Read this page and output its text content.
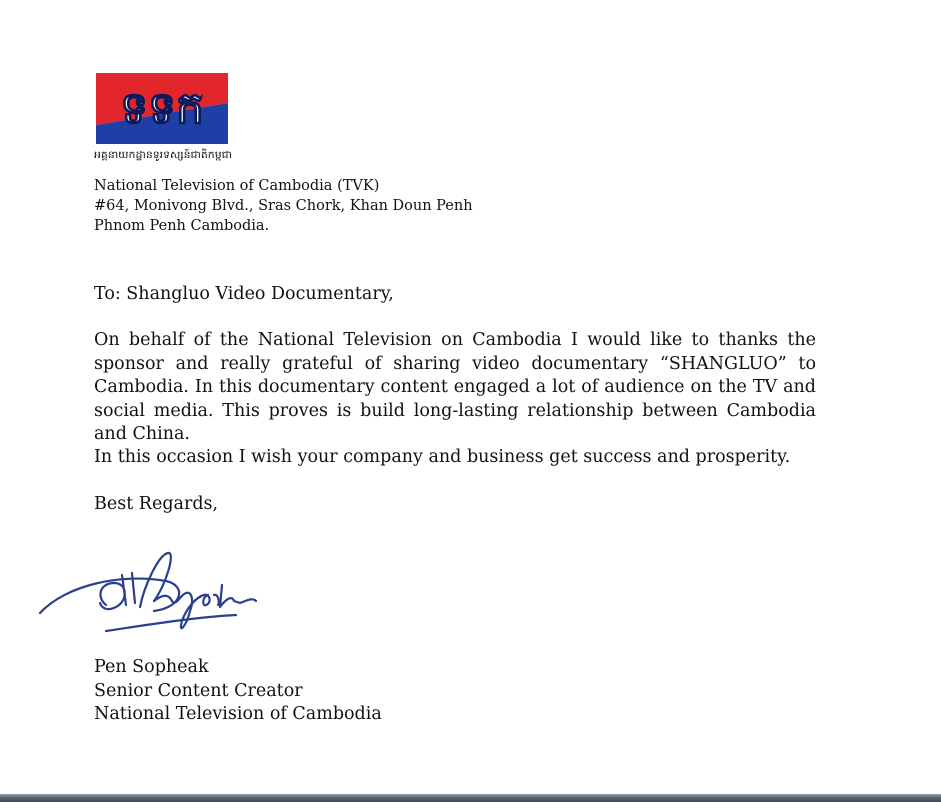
ទទក
អគ្គនាយកដ្ឋានទូរទស្សន៍ជាតិកម្ពុជា
National Television of Cambodia (TVK)
#64, Monivong Blvd., Sras Chork, Khan Doun Penh
Phnom Penh Cambodia.
To: Shangluo Video Documentary,
On behalf of the National Television on Cambodia I would like to thanks the sponsor and really grateful of sharing video documentary “SHANGLUO” to Cambodia. In this documentary content engaged a lot of audience on the TV and social media. This proves is build long-lasting relationship between Cambodia and China.
In this occasion I wish your company and business get success and prosperity.
Best Regards,
Pen Sopheak
Senior Content Creator
National Television of Cambodia
